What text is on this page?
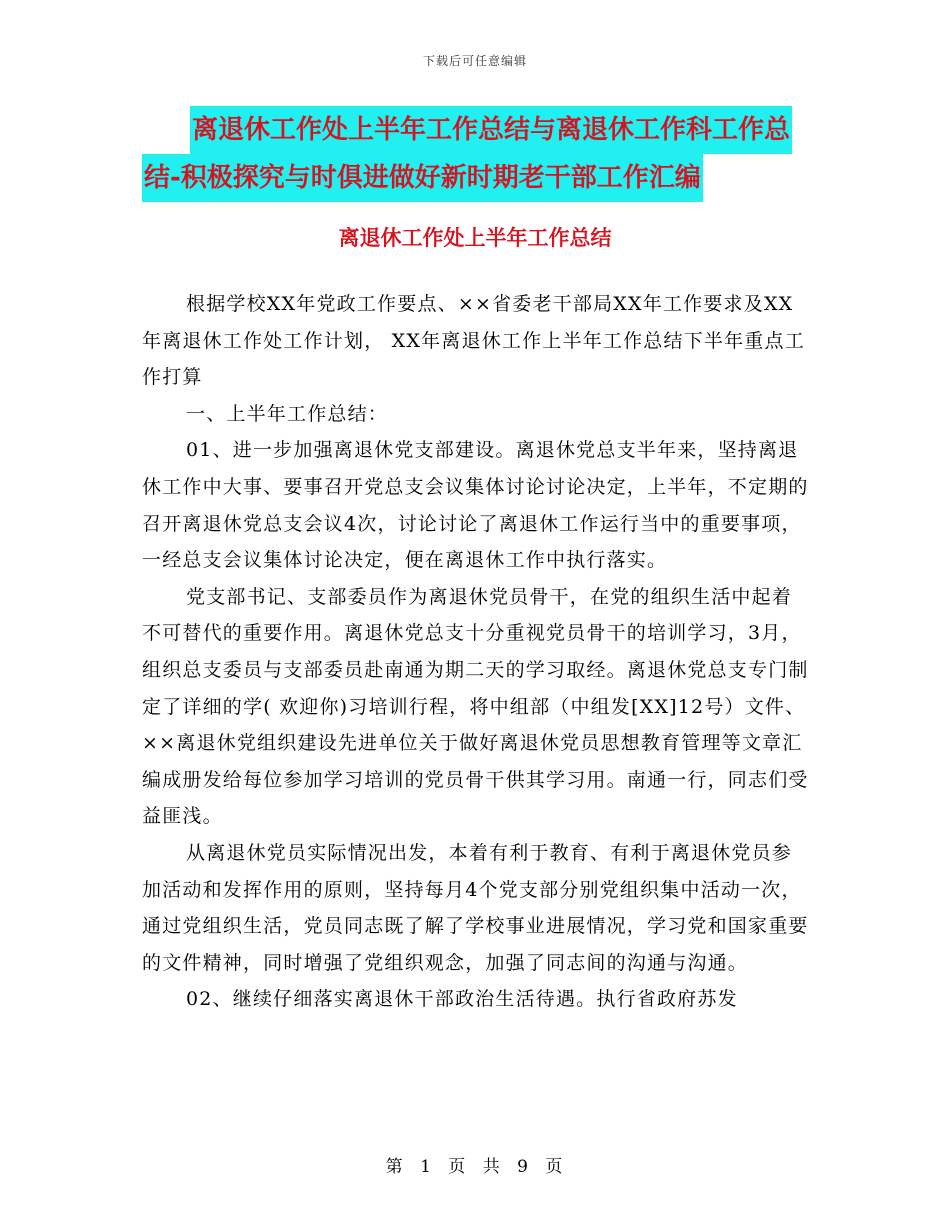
下载后可任意编辑
离退休工作处上半年工作总结与离退休工作科工作总
结-积极探究与时俱进做好新时期老干部工作汇编
离退休工作处上半年工作总结

根据学校XX年党政工作要点、××省委老干部局XX年工作要求及XX年离退休工作处工作计划， XX年离退休工作上半年工作总结下半年重点工作打算

一、上半年工作总结：

01、进一步加强离退休党支部建设。离退休党总支半年来，坚持离退休工作中大事、要事召开党总支会议集体讨论讨论决定，上半年，不定期的召开离退休党总支会议4次，讨论讨论了离退休工作运行当中的重要事项，一经总支会议集体讨论决定，便在离退休工作中执行落实。

党支部书记、支部委员作为离退休党员骨干，在党的组织生活中起着不可替代的重要作用。离退休党总支十分重视党员骨干的培训学习，3月，组织总支委员与支部委员赴南通为期二天的学习取经。离退休党总支专门制定了详细的学( 欢迎你)习培训行程，将中组部（中组发[XX]12号）文件、××离退休党组织建设先进单位关于做好离退休党员思想教育管理等文章汇编成册发给每位参加学习培训的党员骨干供其学习用。南通一行，同志们受益匪浅。

从离退休党员实际情况出发，本着有利于教育、有利于离退休党员参加活动和发挥作用的原则，坚持每月4个党支部分别党组织集中活动一次，通过党组织生活，党员同志既了解了学校事业进展情况，学习党和国家重要的文件精神，同时增强了党组织观念，加强了同志间的沟通与沟通。

02、继续仔细落实离退休干部政治生活待遇。执行省政府苏发

第 1 页 共 9 页
